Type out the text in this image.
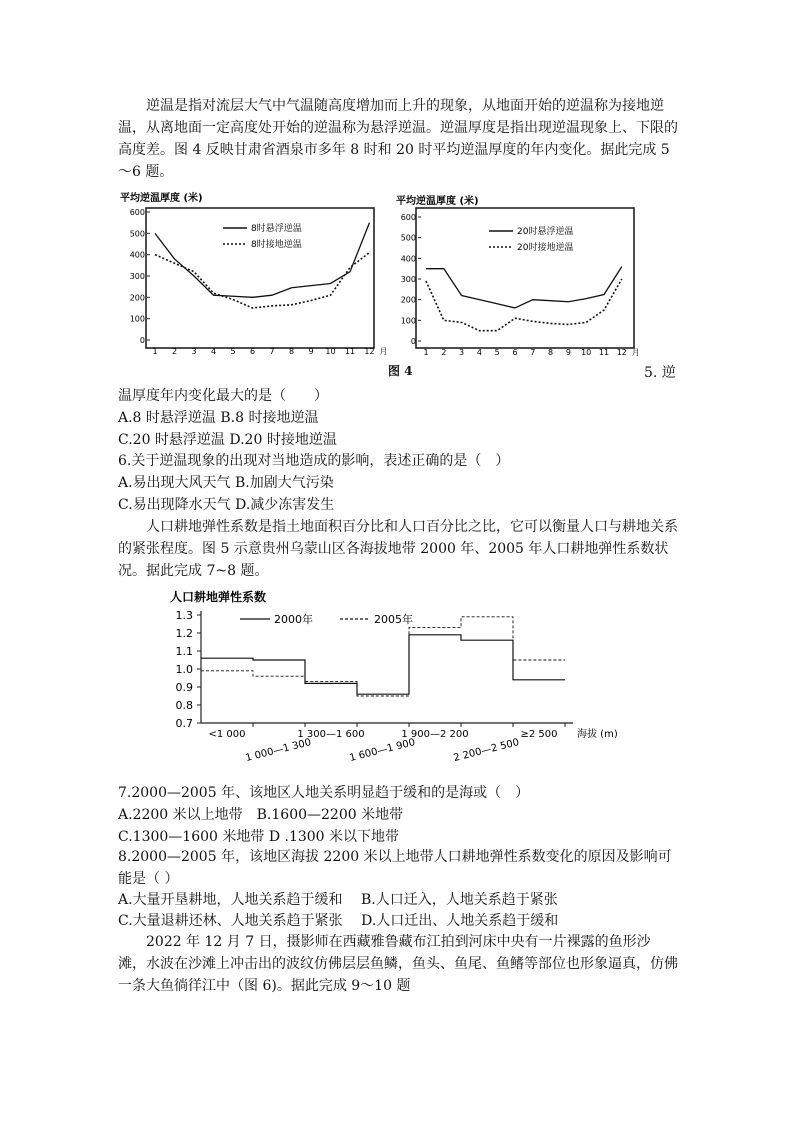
逆温是指对流层大气中气温随高度增加而上升的现象，从地面开始的逆温称为接地逆温，从离地面一定高度处开始的逆温称为悬浮逆温。逆温厚度是指出现逆温现象上、下限的高度差。图 4 反映甘肃省酒泉市多年 8 时和 20 时平均逆温厚度的年内变化。据此完成 5～6 题。

平均逆温厚度 (米)
0
100
200
300
400
500
600
1 2 3 4 5 6 7 8 9 10 11 12 月
8时悬浮逆温
8时接地逆温
平均逆温厚度 (米)
0
100
200
300
400
500
600
1 2 3 4 5 6 7 8 9 10 11 12 月
20时悬浮逆温
20时接地逆温
图 4	5. 逆
温厚度年内变化最大的是（　　）
A.8 时悬浮逆温 B.8 时接地逆温
C.20 时悬浮逆温 D.20 时接地逆温
6.关于逆温现象的出现对当地造成的影响，表述正确的是（　）
A.易出现大风天气 B.加剧大气污染
C.易出现降水天气 D.减少冻害发生

人口耕地弹性系数是指土地面积百分比和人口百分比之比，它可以衡量人口与耕地关系的紧张程度。图 5 示意贵州乌蒙山区各海拔地带 2000 年、2005 年人口耕地弹性系数状况。据此完成 7~8 题。

人口耕地弹性系数
0.7
0.8
0.9
1.0
1.1
1.2
1.3
<1 000
1 000—1 300
1 300—1 600
1 600—1 900
1 900—2 200
2 200—2 500
≥2 500 海拔 (m)
2000年	2005年
7.2000—2005 年、该地区人地关系明显趋于缓和的是海或（　）
A.2200 米以上地带　B.1600—2200 米地带
C.1300—1600 米地带 D .1300 米以下地带

8.2000—2005 年，该地区海拔 2200 米以上地带人口耕地弹性系数变化的原因及影响可能是（ ）

A.大量开垦耕地，人地关系趋于缓和　 B.人口迁入，人地关系趋于紧张
C.大量退耕还林、人地关系趋于紧张　 D.人口迁出、人地关系趋于缓和

2022 年 12 月 7 日，摄影师在西藏雅鲁藏布江拍到河床中央有一片裸露的鱼形沙滩，水波在沙滩上冲击出的波纹仿佛层层鱼鳞，鱼头、鱼尾、鱼鳍等部位也形象逼真，仿佛一条大鱼徜徉江中（图 6)。据此完成 9～10 题
